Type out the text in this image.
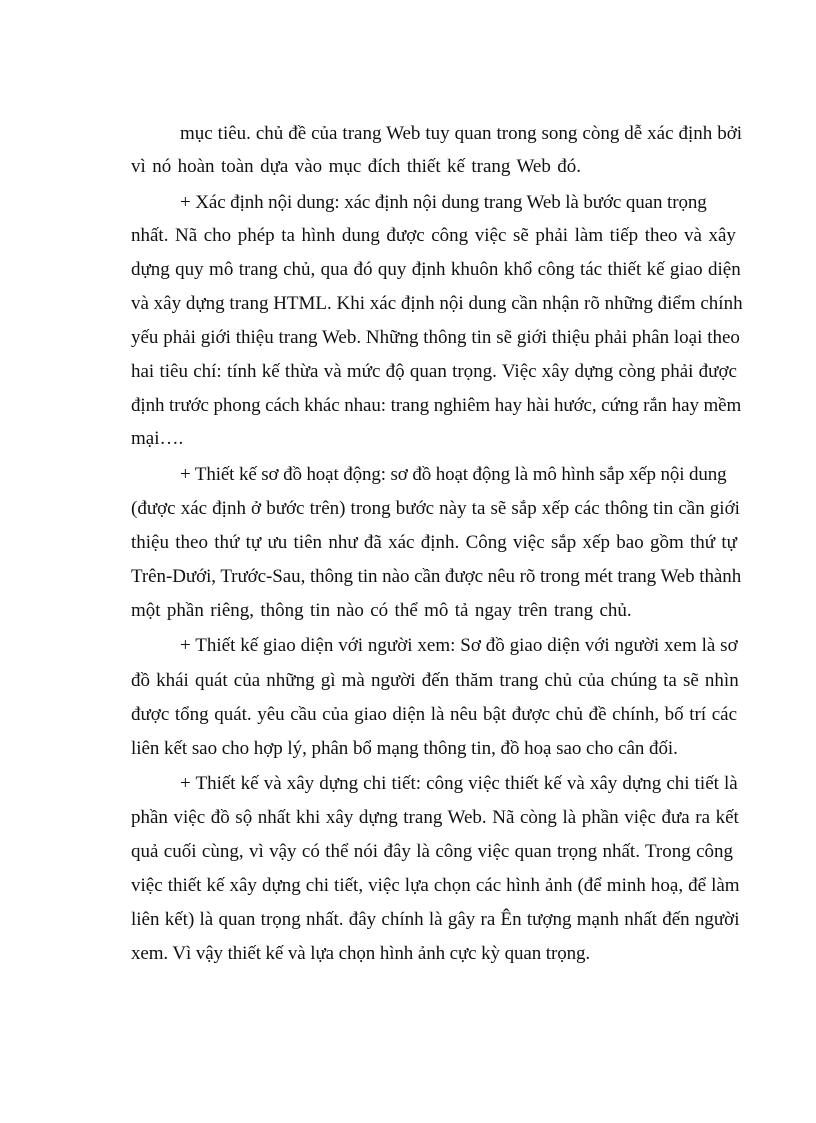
mục tiêu. chủ đề của trang Web tuy quan trong song còng dễ xác định bởi

vì nó hoàn toàn dựa vào mục đích thiết kế trang Web đó.

+ Xác định nội dung: xác định nội dung trang Web là bước quan trọng

nhất. Nã cho phép ta hình dung được công việc sẽ phải làm tiếp theo và xây

dựng quy mô trang chủ, qua đó quy định khuôn khổ công tác thiết kế giao diện

và xây dựng trang HTML. Khi xác định nội dung cần nhận rõ những điểm chính

yếu phải giới thiệu trang Web. Những thông tin sẽ giới thiệu phải phân loại theo

hai tiêu chí: tính kế thừa và mức độ quan trọng. Việc xây dựng còng phải được

định trước phong cách khác nhau: trang nghiêm hay hài hước, cứng rắn hay mềm

mại….

+ Thiết kế sơ đồ hoạt động: sơ đồ hoạt động là mô hình sắp xếp nội dung

(được xác định ở bước trên) trong bước này ta sẽ sắp xếp các thông tin cần giới

thiệu theo thứ tự ưu tiên như đã xác định. Công việc sắp xếp bao gồm thứ tự

Trên-Dưới, Trước-Sau, thông tin nào cần được nêu rõ trong mét trang Web thành

một phần riêng, thông tin nào có thể mô tả ngay trên trang chủ.

+ Thiết kế giao diện với người xem: Sơ đồ giao diện với người xem là sơ

đồ khái quát của những gì mà người đến thăm trang chủ của chúng ta sẽ nhìn

được tổng quát. yêu cầu của giao diện là nêu bật được chủ đề chính, bố trí các

liên kết sao cho hợp lý, phân bổ mạng thông tin, đồ hoạ sao cho cân đối.

+ Thiết kế và xây dựng chi tiết: công việc thiết kế và xây dựng chi tiết là

phần việc đồ sộ nhất khi xây dựng trang Web. Nã còng là phần việc đưa ra kết

quả cuối cùng, vì vậy có thể nói đây là công việc quan trọng nhất. Trong công

việc thiết kế xây dựng chi tiết, việc lựa chọn các hình ảnh (để minh hoạ, để làm

liên kết) là quan trọng nhất. đây chính là gây ra Ên tượng mạnh nhất đến người

xem. Vì vậy thiết kế và lựa chọn hình ảnh cực kỳ quan trọng.
